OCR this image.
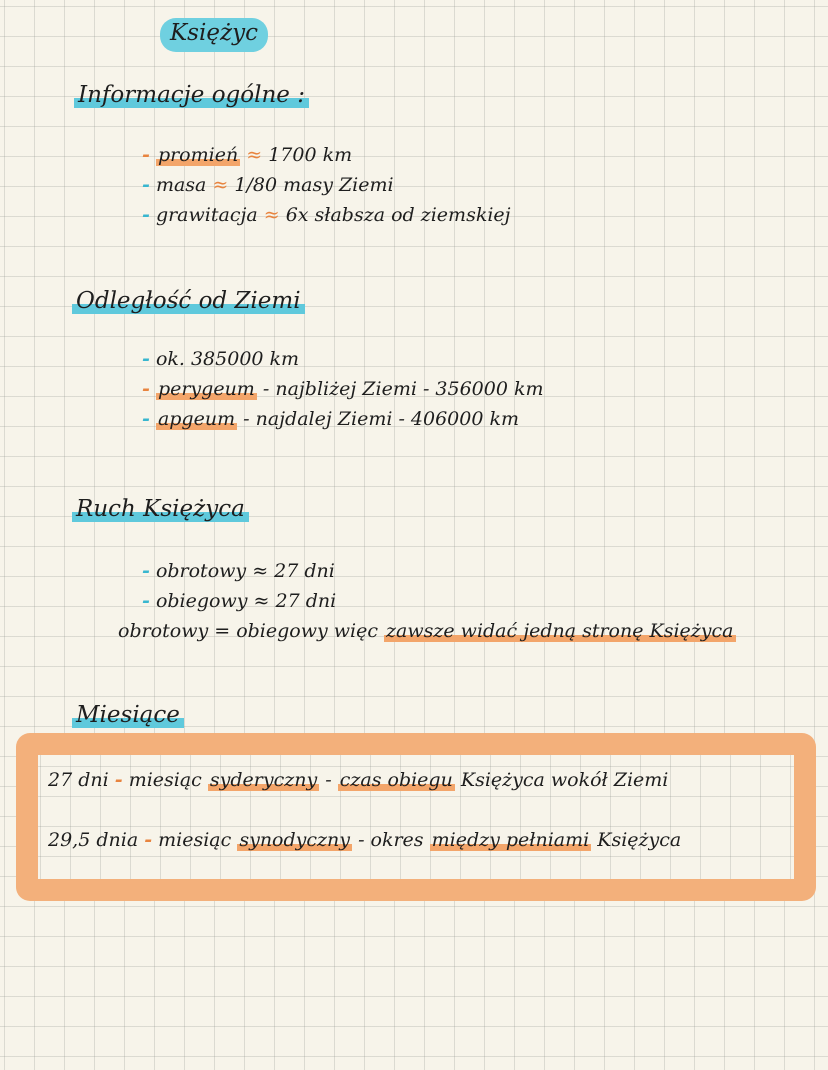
Księżyc
Informacje ogólne :
- promień ≈ 1700 km
- masa ≈ 1/80 masy Ziemi
- grawitacja ≈ 6x słabsza od ziemskiej
Odległość od Ziemi
- ok. 385000 km
- perygeum - najbliżej Ziemi - 356000 km
- apgeum - najdalej Ziemi - 406000 km
Ruch Księżyca
- obrotowy ≈ 27 dni
- obiegowy ≈ 27 dni
obrotowy = obiegowy więc zawsze widać jedną stronę Księżyca
Miesiące
27 dni - miesiąc syderyczny - czas obiegu Księżyca wokół Ziemi
29,5 dnia - miesiąc synodyczny - okres między pełniami Księżyca
